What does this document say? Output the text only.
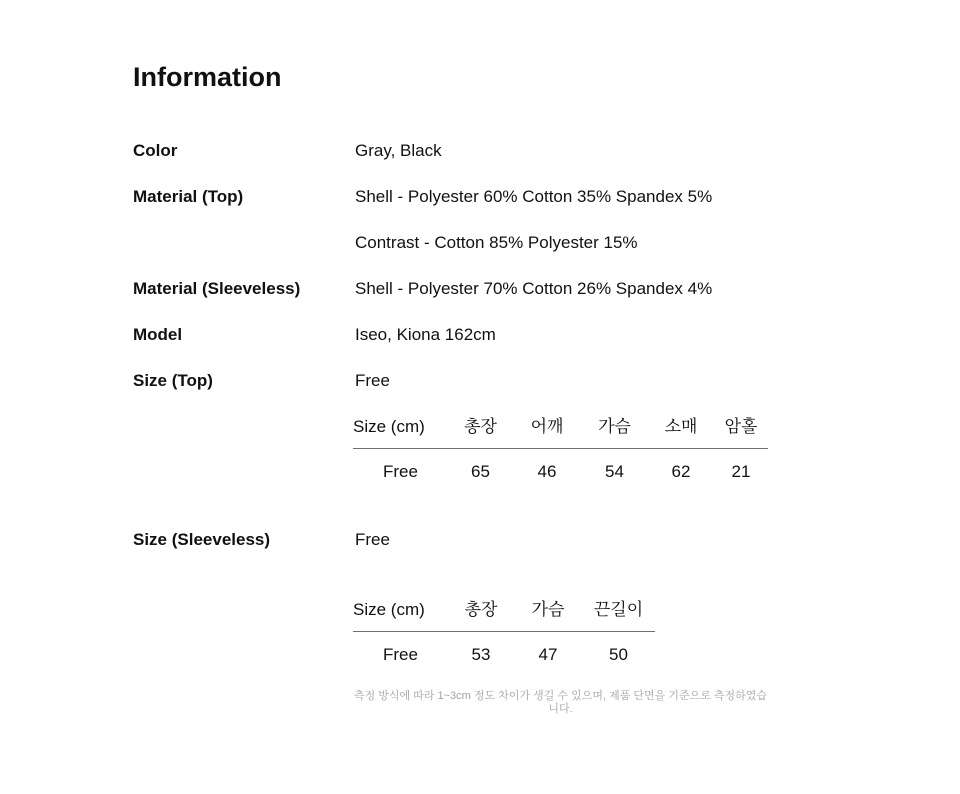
Information
Color	Gray, Black
Material (Top)	Shell - Polyester 60% Cotton 35% Spandex 5%
Contrast - Cotton 85% Polyester 15%
Material (Sleeveless)	Shell - Polyester 70% Cotton 26% Spandex 4%
Model	Iseo, Kiona 162cm
Size (Top)	Free
Size (cm)	총장	어깨	가슴	소매	암홀
Free	65	46	54	62	21
Size (Sleeveless)	Free
Size (cm)	총장	가슴	끈길이
Free	53	47	50

측정 방식에 따라 1~3cm 정도 차이가 생길 수 있으며, 제품 단면을 기준으로 측정하였습니다.
